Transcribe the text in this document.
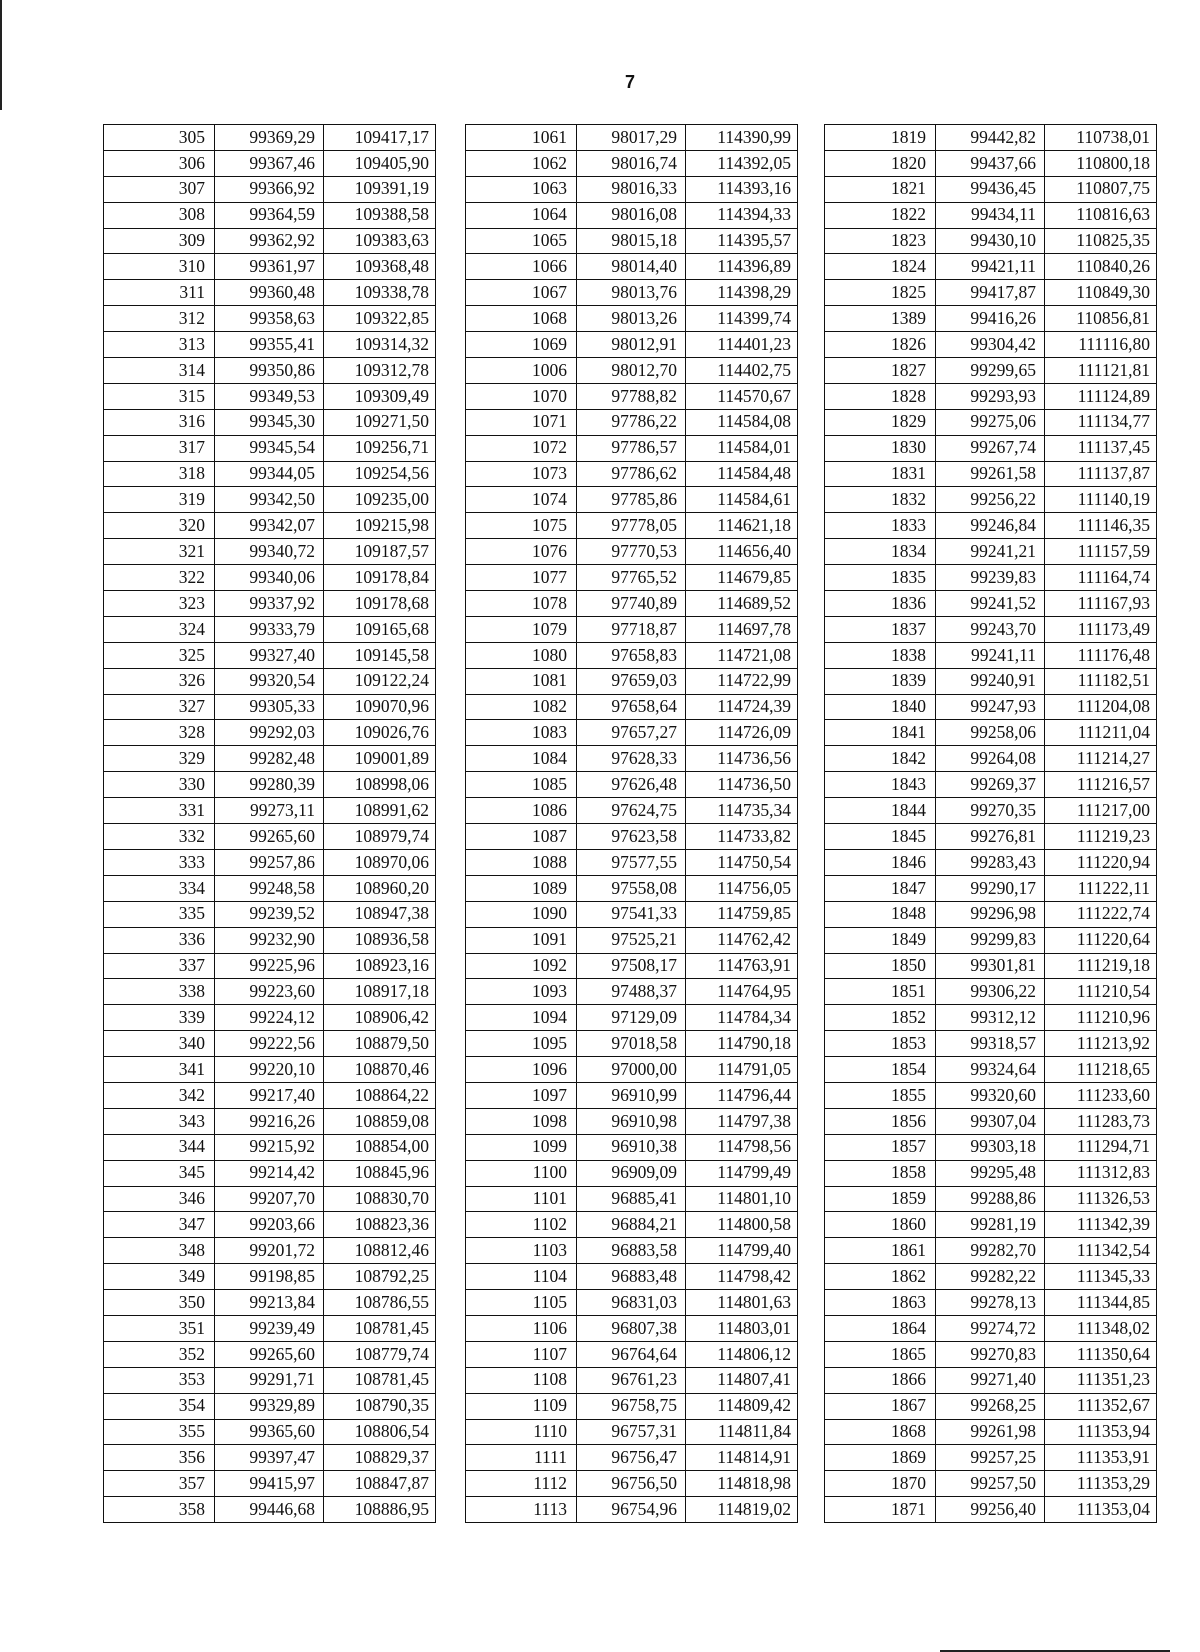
7
305	99369,29	109417,17
306	99367,46	109405,90
307	99366,92	109391,19
308	99364,59	109388,58
309	99362,92	109383,63
310	99361,97	109368,48
311	99360,48	109338,78
312	99358,63	109322,85
313	99355,41	109314,32
314	99350,86	109312,78
315	99349,53	109309,49
316	99345,30	109271,50
317	99345,54	109256,71
318	99344,05	109254,56
319	99342,50	109235,00
320	99342,07	109215,98
321	99340,72	109187,57
322	99340,06	109178,84
323	99337,92	109178,68
324	99333,79	109165,68
325	99327,40	109145,58
326	99320,54	109122,24
327	99305,33	109070,96
328	99292,03	109026,76
329	99282,48	109001,89
330	99280,39	108998,06
331	99273,11	108991,62
332	99265,60	108979,74
333	99257,86	108970,06
334	99248,58	108960,20
335	99239,52	108947,38
336	99232,90	108936,58
337	99225,96	108923,16
338	99223,60	108917,18
339	99224,12	108906,42
340	99222,56	108879,50
341	99220,10	108870,46
342	99217,40	108864,22
343	99216,26	108859,08
344	99215,92	108854,00
345	99214,42	108845,96
346	99207,70	108830,70
347	99203,66	108823,36
348	99201,72	108812,46
349	99198,85	108792,25
350	99213,84	108786,55
351	99239,49	108781,45
352	99265,60	108779,74
353	99291,71	108781,45
354	99329,89	108790,35
355	99365,60	108806,54
356	99397,47	108829,37
357	99415,97	108847,87
358	99446,68	108886,95
1061	98017,29	114390,99
1062	98016,74	114392,05
1063	98016,33	114393,16
1064	98016,08	114394,33
1065	98015,18	114395,57
1066	98014,40	114396,89
1067	98013,76	114398,29
1068	98013,26	114399,74
1069	98012,91	114401,23
1006	98012,70	114402,75
1070	97788,82	114570,67
1071	97786,22	114584,08
1072	97786,57	114584,01
1073	97786,62	114584,48
1074	97785,86	114584,61
1075	97778,05	114621,18
1076	97770,53	114656,40
1077	97765,52	114679,85
1078	97740,89	114689,52
1079	97718,87	114697,78
1080	97658,83	114721,08
1081	97659,03	114722,99
1082	97658,64	114724,39
1083	97657,27	114726,09
1084	97628,33	114736,56
1085	97626,48	114736,50
1086	97624,75	114735,34
1087	97623,58	114733,82
1088	97577,55	114750,54
1089	97558,08	114756,05
1090	97541,33	114759,85
1091	97525,21	114762,42
1092	97508,17	114763,91
1093	97488,37	114764,95
1094	97129,09	114784,34
1095	97018,58	114790,18
1096	97000,00	114791,05
1097	96910,99	114796,44
1098	96910,98	114797,38
1099	96910,38	114798,56
1100	96909,09	114799,49
1101	96885,41	114801,10
1102	96884,21	114800,58
1103	96883,58	114799,40
1104	96883,48	114798,42
1105	96831,03	114801,63
1106	96807,38	114803,01
1107	96764,64	114806,12
1108	96761,23	114807,41
1109	96758,75	114809,42
1110	96757,31	114811,84
1111	96756,47	114814,91
1112	96756,50	114818,98
1113	96754,96	114819,02
1819	99442,82	110738,01
1820	99437,66	110800,18
1821	99436,45	110807,75
1822	99434,11	110816,63
1823	99430,10	110825,35
1824	99421,11	110840,26
1825	99417,87	110849,30
1389	99416,26	110856,81
1826	99304,42	111116,80
1827	99299,65	111121,81
1828	99293,93	111124,89
1829	99275,06	111134,77
1830	99267,74	111137,45
1831	99261,58	111137,87
1832	99256,22	111140,19
1833	99246,84	111146,35
1834	99241,21	111157,59
1835	99239,83	111164,74
1836	99241,52	111167,93
1837	99243,70	111173,49
1838	99241,11	111176,48
1839	99240,91	111182,51
1840	99247,93	111204,08
1841	99258,06	111211,04
1842	99264,08	111214,27
1843	99269,37	111216,57
1844	99270,35	111217,00
1845	99276,81	111219,23
1846	99283,43	111220,94
1847	99290,17	111222,11
1848	99296,98	111222,74
1849	99299,83	111220,64
1850	99301,81	111219,18
1851	99306,22	111210,54
1852	99312,12	111210,96
1853	99318,57	111213,92
1854	99324,64	111218,65
1855	99320,60	111233,60
1856	99307,04	111283,73
1857	99303,18	111294,71
1858	99295,48	111312,83
1859	99288,86	111326,53
1860	99281,19	111342,39
1861	99282,70	111342,54
1862	99282,22	111345,33
1863	99278,13	111344,85
1864	99274,72	111348,02
1865	99270,83	111350,64
1866	99271,40	111351,23
1867	99268,25	111352,67
1868	99261,98	111353,94
1869	99257,25	111353,91
1870	99257,50	111353,29
1871	99256,40	111353,04
